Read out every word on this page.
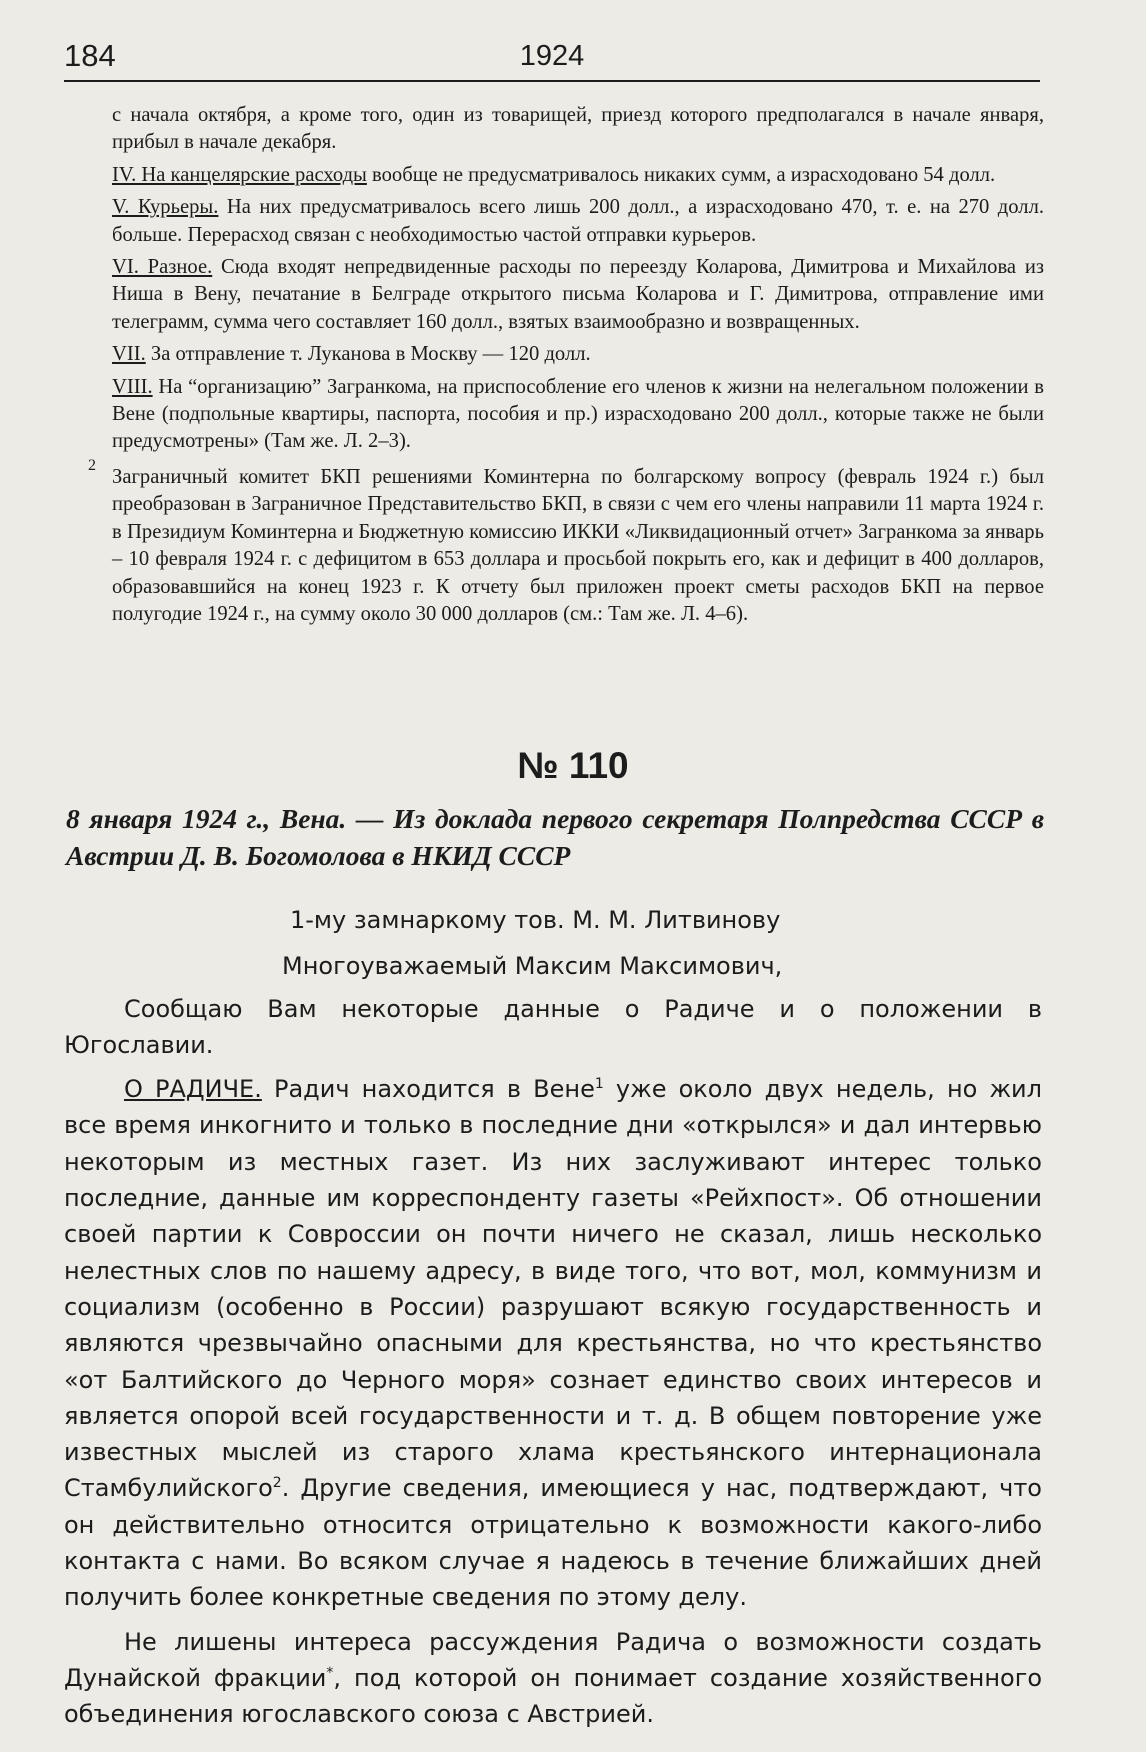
184	1924

с начала октября, а кроме того, один из товарищей, приезд которого предполагался в начале января, прибыл в начале декабря.

IV. На канцелярские расходы вообще не предусматривалось никаких сумм, а израсходовано 54 долл.

V. Курьеры. На них предусматривалось всего лишь 200 долл., а израсходовано 470, т. е. на 270 долл. больше. Перерасход связан с необходимостью частой отправки курьеров.

VI. Разное. Сюда входят непредвиденные расходы по переезду Коларова, Димитрова и Михайлова из Ниша в Вену, печатание в Белграде открытого письма Коларова и Г. Димитрова, отправление ими телеграмм, сумма чего составляет 160 долл., взятых взаимообразно и возвращенных.

VII. За отправление т. Луканова в Москву — 120 долл.

VIII. На “организацию” Загранкома, на приспособление его членов к жизни на нелегальном положении в Вене (подпольные квартиры, паспорта, пособия и пр.) израсходовано 200 долл., которые также не были предусмотрены» (Там же. Л. 2–3).

2
Заграничный комитет БКП решениями Коминтерна по болгарскому вопросу (февраль 1924 г.) был преобразован в Заграничное Представительство БКП, в связи с чем его члены направили 11 марта 1924 г. в Президиум Коминтерна и Бюджетную комиссию ИККИ «Ликвидационный отчет» Загранкома за январь – 10 февраля 1924 г. с дефицитом в 653 доллара и просьбой покрыть его, как и дефицит в 400 долларов, образовавшийся на конец 1923 г. К отчету был приложен проект сметы расходов БКП на первое полугодие 1924 г., на сумму около 30 000 долларов (см.: Там же. Л. 4–6).

№ 110

8 января 1924 г., Вена. — Из доклада первого секретаря Полпредства СССР в Австрии Д. В. Богомолова в НКИД СССР

1-му замнаркому тов. М. М. Литвинову

Многоуважаемый Максим Максимович,

Сообщаю Вам некоторые данные о Радиче и о положении в Югославии.

О РАДИЧЕ. Радич находится в Вене$^1$ уже около двух недель, но жил все время инкогнито и только в последние дни «открылся» и дал интервью некоторым из местных газет. Из них заслуживают интерес только последние, данные им корреспонденту газеты «Рейхпост». Об отношении своей партии к Совроссии он почти ничего не сказал, лишь несколько нелестных слов по нашему адресу, в виде того, что вот, мол, коммунизм и социализм (особенно в России) разрушают всякую государственность и являются чрезвычайно опасными для крестьянства, но что крестьянство «от Балтийского до Черного моря» сознает единство своих интересов и является опорой всей государственности и т. д. В общем повторение уже известных мыслей из старого хлама крестьянского интернационала Стамбулийского$^2$. Другие сведения, имеющиеся у нас, подтверждают, что он действительно относится отрицательно к возможности какого-либо контакта с нами. Во всяком случае я надеюсь в течение ближайших дней получить более конкретные сведения по этому делу.

Не лишены интереса рассуждения Радича о возможности создать Дунайской фракции*, под которой он понимает создание хозяйственного объединения югославского союза с Австрией.
